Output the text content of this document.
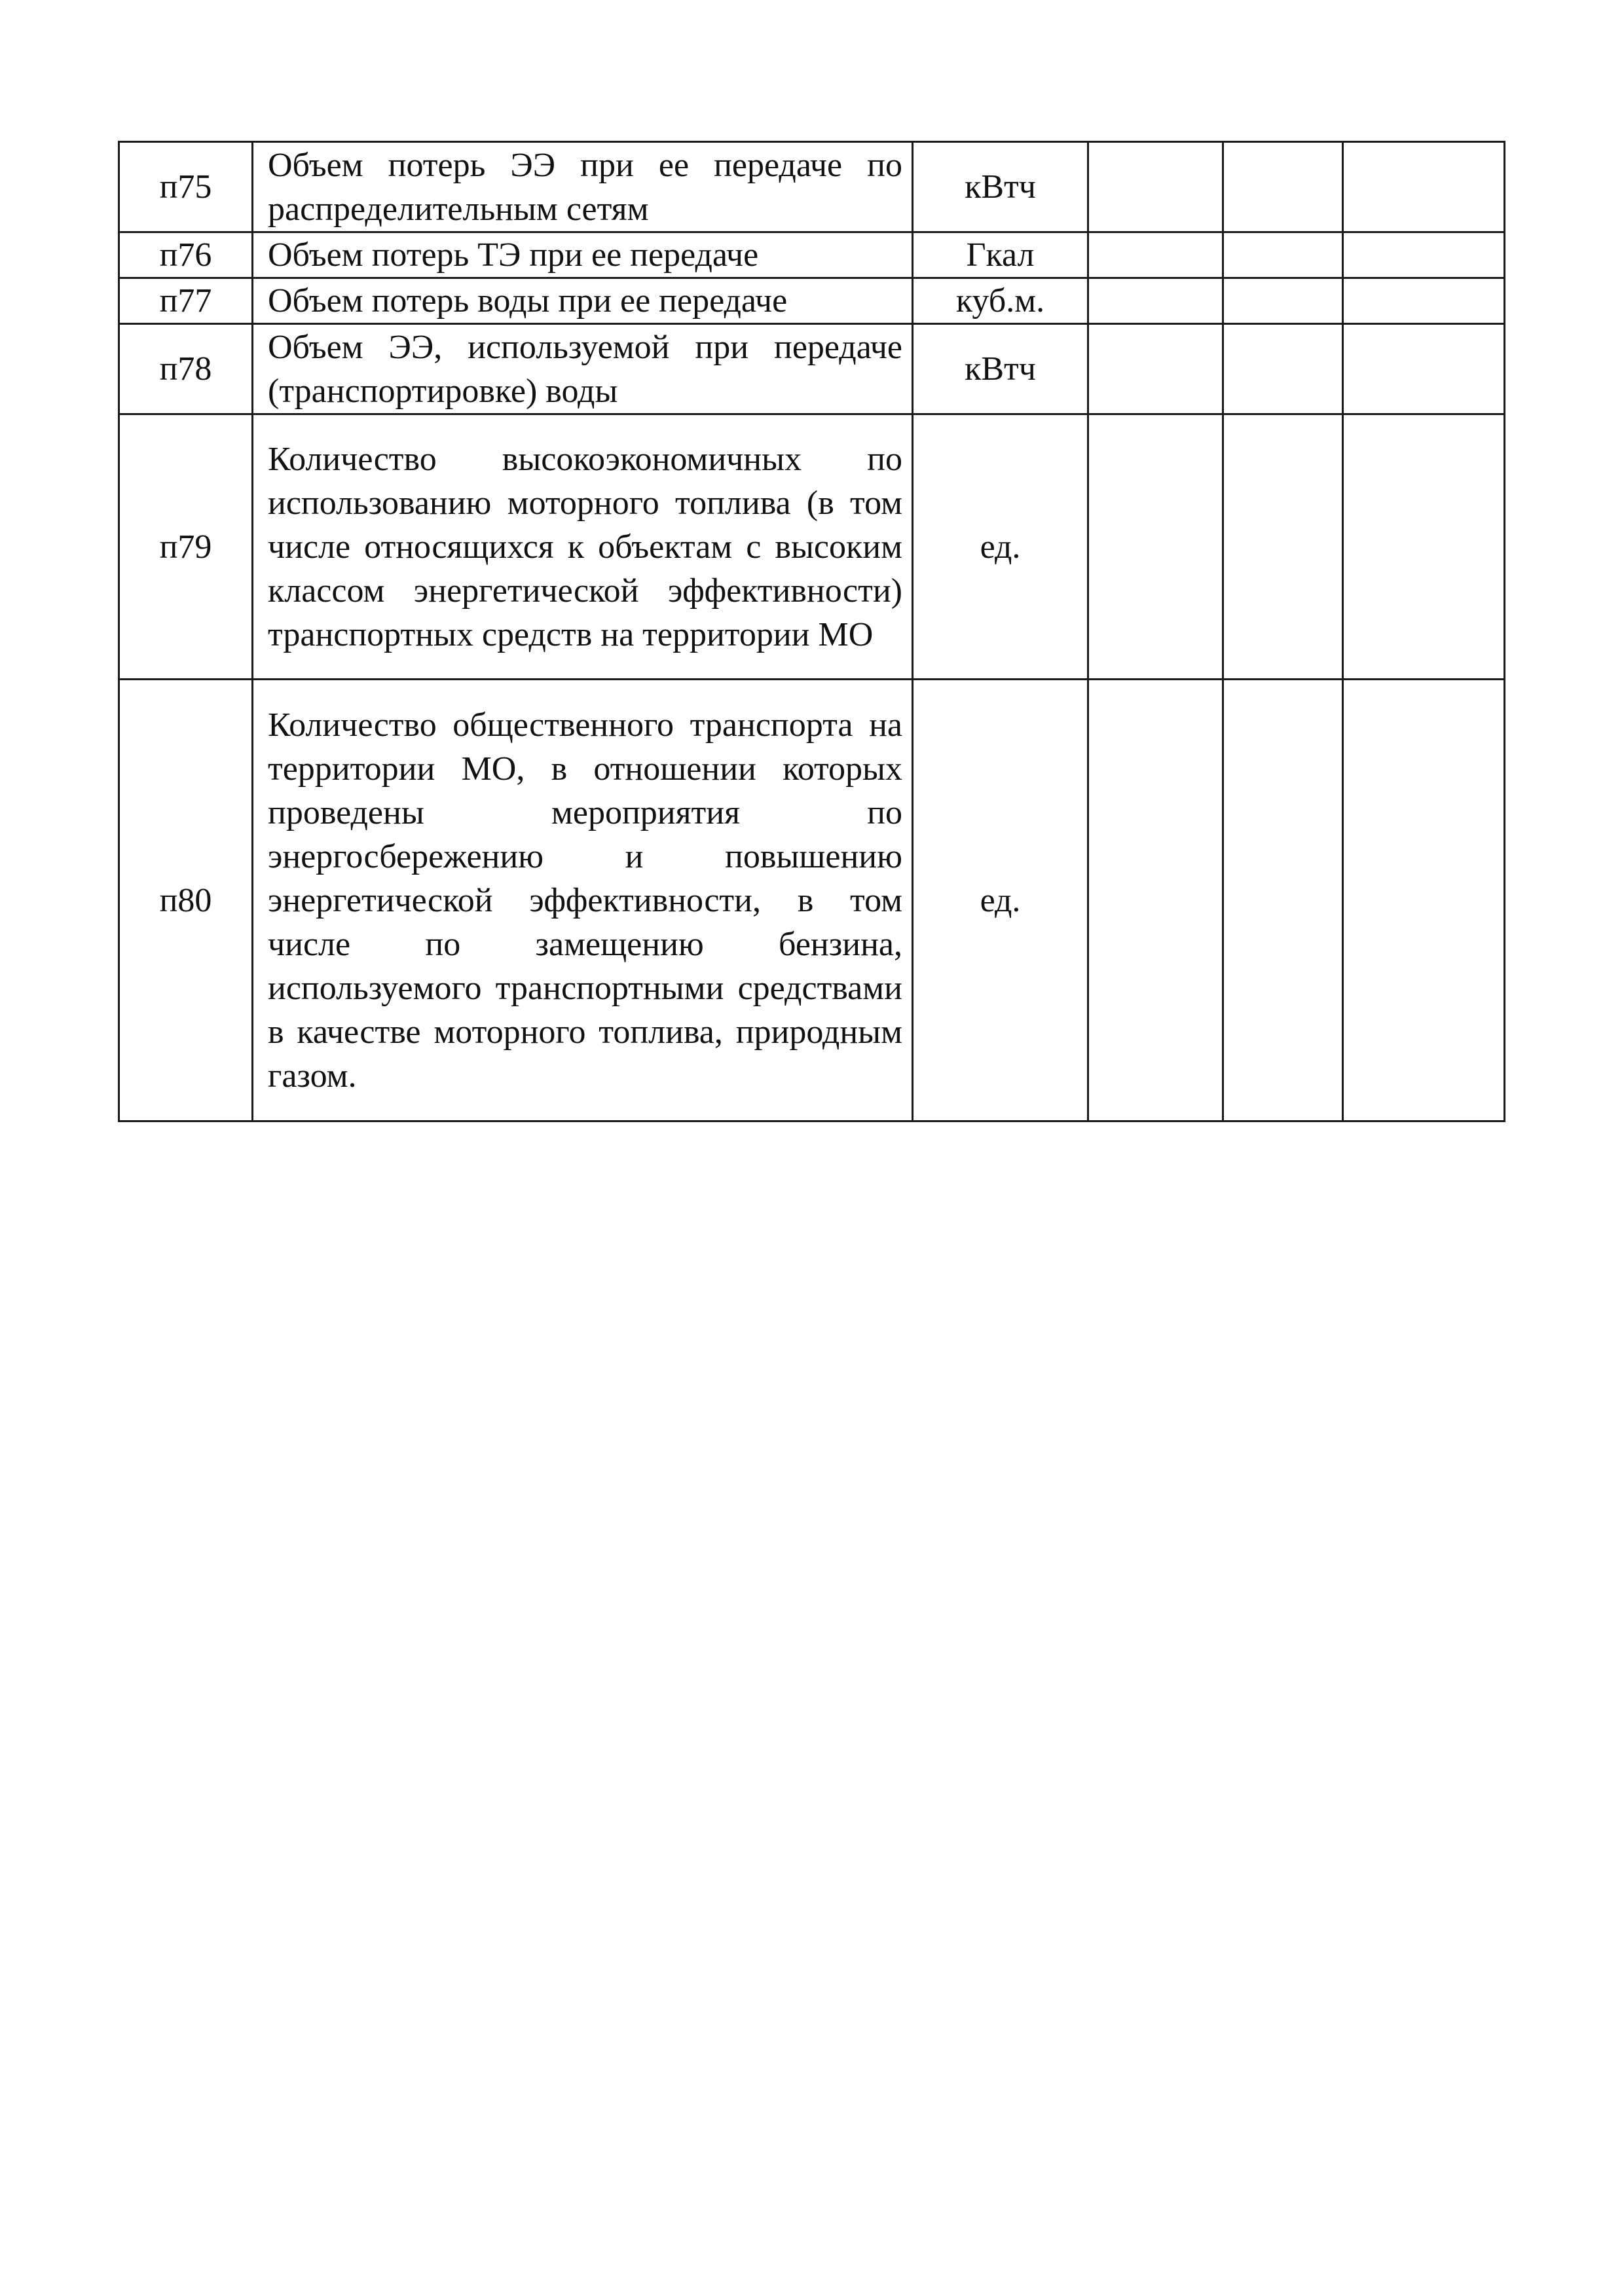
п75	Объем потерь ЭЭ при ее передаче по распределительным сетям	кВтч			
п76	Объем потерь ТЭ при ее передаче	Гкал			
п77	Объем потерь воды при ее передаче	куб.м.			
п78	Объем ЭЭ, используемой при передаче (транспортировке) воды	кВтч			
п79	Количество высокоэкономичных по использованию моторного топлива (в том числе относящихся к объектам с высоким классом энергетической эффективности) транспортных средств на территории МО	ед.			
п80	Количество общественного транспорта на территории МО, в отношении которых проведены мероприятия по энергосбережению и повышению энергетической эффективности, в том числе по замещению бензина, используемого транспортными средствами в качестве моторного топлива, природным газом.	ед.			
